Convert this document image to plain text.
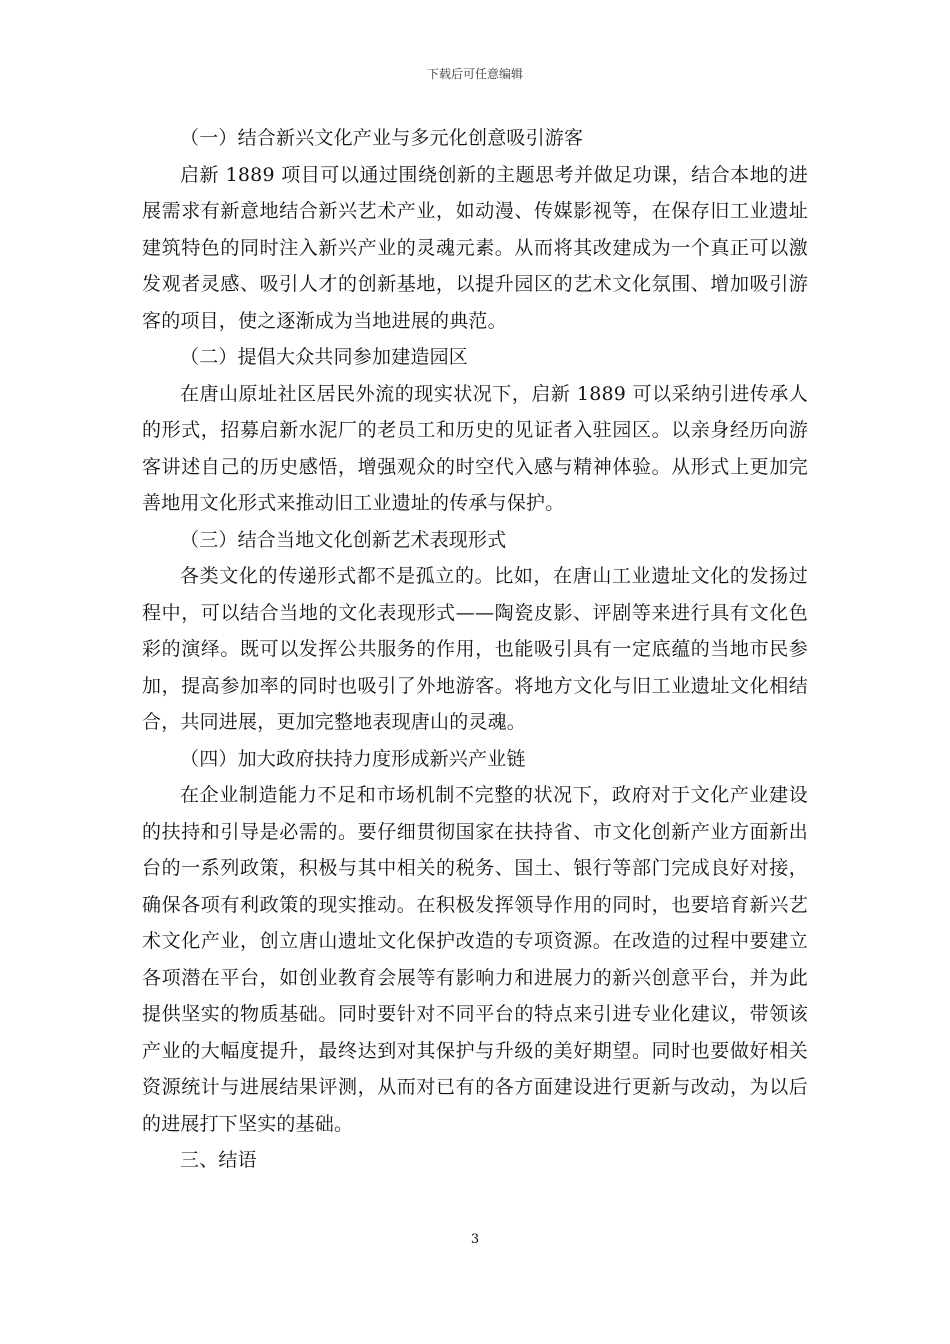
下载后可任意编辑

（一）结合新兴文化产业与多元化创意吸引游客

启新 1889 项目可以通过围绕创新的主题思考并做足功课，结合本地的进展需求有新意地结合新兴艺术产业，如动漫、传媒影视等，在保存旧工业遗址建筑特色的同时注入新兴产业的灵魂元素。从而将其改建成为一个真正可以激发观者灵感、吸引人才的创新基地，以提升园区的艺术文化氛围、增加吸引游客的项目，使之逐渐成为当地进展的典范。

（二）提倡大众共同参加建造园区

在唐山原址社区居民外流的现实状况下，启新 1889 可以采纳引进传承人的形式，招募启新水泥厂的老员工和历史的见证者入驻园区。以亲身经历向游客讲述自己的历史感悟，增强观众的时空代入感与精神体验。从形式上更加完善地用文化形式来推动旧工业遗址的传承与保护。

（三）结合当地文化创新艺术表现形式

各类文化的传递形式都不是孤立的。比如，在唐山工业遗址文化的发扬过程中，可以结合当地的文化表现形式——陶瓷皮影、评剧等来进行具有文化色彩的演绎。既可以发挥公共服务的作用，也能吸引具有一定底蕴的当地市民参加，提高参加率的同时也吸引了外地游客。将地方文化与旧工业遗址文化相结合，共同进展，更加完整地表现唐山的灵魂。

（四）加大政府扶持力度形成新兴产业链

在企业制造能力不足和市场机制不完整的状况下，政府对于文化产业建设的扶持和引导是必需的。要仔细贯彻国家在扶持省、市文化创新产业方面新出台的一系列政策，积极与其中相关的税务、国土、银行等部门完成良好对接，确保各项有利政策的现实推动。在积极发挥领导作用的同时，也要培育新兴艺术文化产业，创立唐山遗址文化保护改造的专项资源。在改造的过程中要建立各项潜在平台，如创业教育会展等有影响力和进展力的新兴创意平台，并为此提供坚实的物质基础。同时要针对不同平台的特点来引进专业化建议，带领该产业的大幅度提升，最终达到对其保护与升级的美好期望。同时也要做好相关资源统计与进展结果评测，从而对已有的各方面建设进行更新与改动，为以后的进展打下坚实的基础。

三、结语

3
